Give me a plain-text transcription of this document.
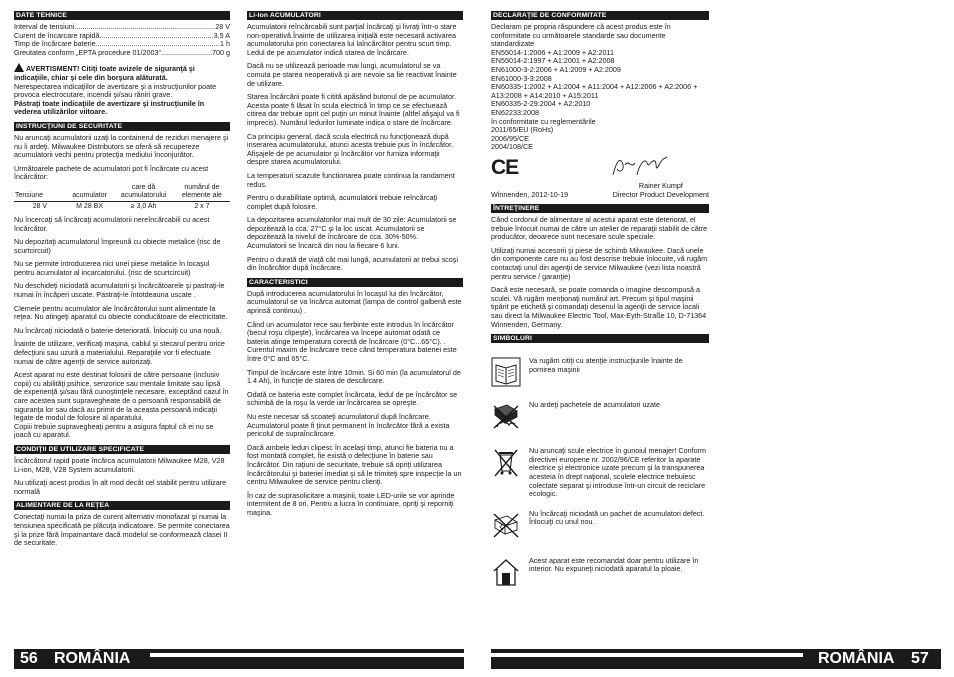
DATE TEHNICE
Interval de tensiuni .....	28 V
Curent de încarcare rapidă .....	3,5 A
Timp de încărcare baterie .....	1 h
Greutatea conform „EPTA procedure 01/2003“ .....	700 g

AVERTISMENT! Citiţi toate avizele de siguranţă şi indicaţiile, chiar şi cele din borşura alăturată.
Nerespectarea indicaţiilor de avertizare şi a instrucţiunilor poate provoca electrocutare, incendii şi/sau răniri grave.
Păstraţi toate indicaţiile de avertizare şi instrucţiunile în vederea utilizărilor viitoare.

INSTRUCŢIUNI DE SECURITATE

Nu aruncaţi acumulatorii uzaţi la containerul de reziduri menajere şi nu îi ardeţi. Milwaukee Distributors se oferă să recupereze acumulatorii vechi pentru protecţia mediului înconjurător.

Următoarele pachete de acumulatori pot fi încărcate cu acest încărcător:

Tensiune	acumulator	care dă acumulatorului	numărul de elemente ale
28 V	M 28 BX	≥ 3,0 Ah	2 x 7

Nu încercaţi să încărcaţi acumulatorii nereîncărcabili cu acest încărcător.

Nu depozitaţi acumulatorul împreună cu obiecte metalice (risc de scurtcircuit)

Nu se permite introducerea nici unei piese metalice în locaşul pentru acumulator al incarcatorului. (risc de scurtcircuit)

Nu deschideţi niciodată acumulatorii şi încărcătoarele şi pastraţi-le numai în încăperi uscate. Pastraţi-le întotdeauna uscate .

Clemele pentru acumulator ale încărcătorului sunt alimentate la reţea. Nu atingeţi aparatul cu obiecte conducătoare de electricitate.

Nu încărcaţi niciodată o baterie deteriorată. Înlocuiţi cu una nouă.

Înainte de utilizare, verificaţi maşina, cablul şi stecarul pentru orice defecţiuni sau uzură a materialului. Reparaţiile vor fi efectuate numai de către agenţii de service autorizaţi.

Acest aparat nu este destinat folosirii de către persoane (inclusiv copii) cu abilităţi psihice, senzorice sau mentale limitate sau lipsă de experienţă şi/sau fără cunoştinţele necesare, exceptând cazul în care acestea sunt supravegheate de o persoană responsabilă de siguranţa lor sau dacă au primit de la aceasta persoană indicaţii legate de modul de folosire al aparatului.

Copiii trebuie supravegheaţi pentru a asigura faptul că ei nu se joacă cu aparatul.

CONDIŢII DE UTILIZARE SPECIFICATE

Încărcătorul rapid poate încărca acumulatorii Milwaukee M28, V28 Li-ion, M28, V28 System acumulatorii.

Nu utilizaţi acest produs în alt mod decât cel stabilit pentru utilizare normală

ALIMENTARE DE LA REŢEA

Conectaţi numai la priza de curent alternativ monofazat şi numai la tensiunea specificată pe plăcuţa indicatoare. Se permite conectarea şi la prize fără împamantare dacă modelul se conformează clasei II de securitate.

Li-Ion ACUMULATORI

Acumulatorii reîncărcabili sunt parţial încărcaţi şi livraţi într-o stare non-operativă.Înainte de utilizarea iniţială este necesară activarea acumulatorului prin conectarea lui laîncărcător pentru scurt timp. Ledul de pe acumulator indică starea de încărcare.

Dacă nu se utilizează perioade mai lungi, acumulatorul se va comuta pe starea neoperativă şi are nevoie sa fie reactivat înainte de utilizare.

Starea încărcării poate fi citită apăsând butonul de pe acumulator. Acesta poate fi lăsat în scula electrică în timp ce se efectuează citirea dar trebuie oprit cel puţin un minut înainte (altfel afişajul va fi imprecis). Numărul ledurilor luminate indica o stare de încărcare.

Ca principiu general, dacă scula electrică nu funcţionează după inserarea acumulatorului, atunci acesta trebuie pus în încărcător. Afişajele de pe acumulator şi încărcător vor furniza informaţii despre starea acumulatorului.

La temperaturi scazute functionarea poate continua la randament redus.

Pentru o durabilitate optimă, acumulatorii trebuie reîncărcaţi complet după folosire.

La depozitarea acumulatorilor mai mult de 30 zile: Acumulatorii se depozitează la cca. 27°C şi la loc uscat. Acumulatorii se depozitează la nivelul de încărcare de cca. 30%-50%.

Acumulatorii se încarcă din nou la fiecare 6 luni.

Pentru o durată de viaţă cât mai lungă, acumulatorii ar trebui scoşi din încărcător după încărcare.

CARACTERISTICI

După introducerea acumulatorului în locaşul lui din încărcător, acumulatorul se va încărca automat (lampa de control galbenă este aprinsă continuu) .

Când un acumulator rece sau fierbinte este introdus în încărcător (becul roşu clipeşte), încărcarea va începe automat odată ce bateria atinge temperatura corectă de încărcare (0°C...65°C). . Curentul maxim de încărcare trece când temperatura bateriei este între 0°C and 65°C.

Timpul de încărcare este între 10min. Si 60 min (la acumulatorul de 1.4 Ah), în funcţie de starea de descărcare.

Odată ce bateria este complet încărcata, ledul de pe încărcător se schimbă de la roşu la verde iar încărcarea se opreşte.

Nu este necesar să scoateţi acumulatorul după încărcare. Acumulatorul poate fi ţinut permanent în încărcător fără a exista pericolul de supraîncărcare.

Dacă ambele leduri clipesc în acelaşi timp, atunci fie bateria nu a fost montată complet, fie există o defecţiune în baterie sau încărcător. Din raţiuni de securitate, trebuie să opriţi utilizarea încărcătorului şi bateriei imediat şi să le trimiteţi spre inspecţie la un centru Milwaukee de service pentru clienţi.

În caz de suprasolicitare a maşinii, toate LED-urile se vor aprinde intermitent de 8 ori. Pentru a lucra în continuare, opriţi şi reporniţi maşina.

DECLARAŢIE DE CONFORMITATE
Declaram pe propria răspundere că acest produs este în conformitate cu următoarele standarde sau documente standardizate
EN55014-1:2006 + A1:2009 + A2:2011
EN55014-2:1997 + A1:2001 + A2:2008
EN61000-3-2:2006 + A1:2009 + A2:2009
EN61000-3-3:2008
EN60335-1:2002 + A1:2004 + A11:2004 + A12:2006 + A2:2006 + A13:2008 + A14:2010 + A15:2011
EN60335-2-29:2004 + A2:2010
EN62233:2008
în conformitate cu reglementările
2011/65/EU (RoHs)
2006/95/CE
2004/108/CE
CE
Winnenden, 2012-10-19
Rainer Kumpf
Director Product Development
ÎNTREŢINERE

Când cordonul de alimentare al acestui aparat este deteriorat, el trebuie înlocuit numai de către un atelier de reparaţii stabilit de către producător, deoarece sunt necesare scule speciale.

Utilizaţi numai accesorii şi piese de schimb Milwaukee. Dacă unele din componente care nu au fost descrise trebuie înlocuite, vă rugăm contactaţi unul din agenţii de service Milwaukee (vezi lista noastră pentru service / garanţie)

Dacă este necesară, se poate comanda o imagine descompusă a sculei. Vă rugăm menţionaţi numărul art. Precum şi tipul maşinii tipărit pe etichetă şi comandaţi desenul la agenţii de service locali sau direct la Milwaukee Electric Tool, Max-Eyth-Straße 10, D-71364 Winnenden, Germany.

SIMBOLURI
Va rugăm citiţi cu atenţie instrucţiunile înainte de pornirea maşinii
Nu ardeţi pachetele de acumulatori uzate
Nu aruncaţi scule electrice în gunoiul menajer! Conform directivei europene nr. 2002/96/CE referitor la aparate electrice şi electronice uzate precum şi la transpunerea acesteia în drept naţional, sculele electrice trebuiesc colectate separat şi introduse într-un circuit de reciclare ecologic.
Nu încărcaţi niciodată un pachet de acumulatori defect. Înlocuiţi cu unul nou.
Acest aparat este recomandat doar pentru utilizare în interior. Nu expuneţi niciodată aparatul la ploaie.
56 ROMÂNIA	ROMÂNIA 57
